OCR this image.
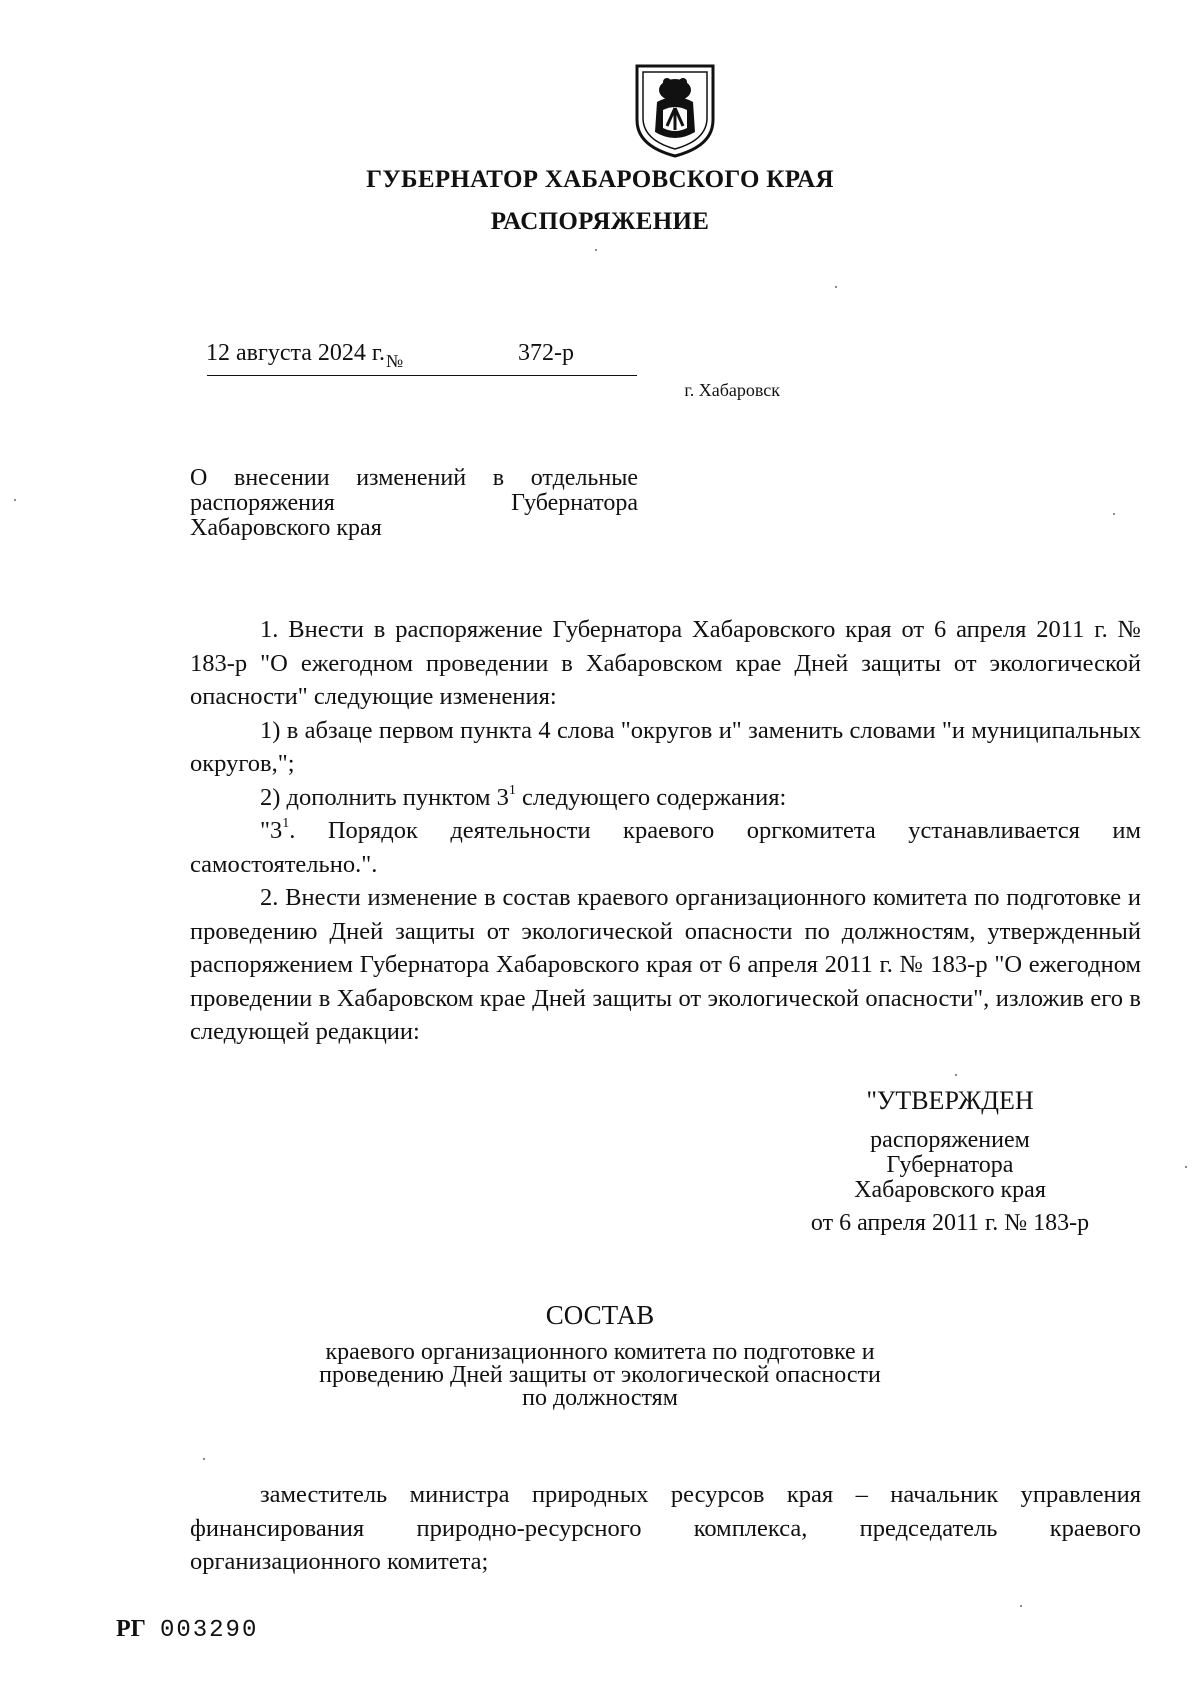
ГУБЕРНАТОР ХАБАРОВСКОГО КРАЯ
РАСПОРЯЖЕНИЕ
12 августа 2024 г. №	372-р
г. Хабаровск
О внесении изменений в отдельные
распоряжения	Губернатора
Хабаровского края

1. Внести в распоряжение Губернатора Хабаровского края от 6 апреля 2011 г. № 183-р "О ежегодном проведении в Хабаровском крае Дней защиты от экологической опасности" следующие изменения:

1) в абзаце первом пункта 4 слова "округов и" заменить словами "и муниципальных округов,";

2) дополнить пунктом $3^1$ следующего содержания:

"$3^1$. Порядок деятельности краевого оргкомитета устанавливается им самостоятельно.".

2. Внести изменение в состав краевого организационного комитета по подготовке и проведению Дней защиты от экологической опасности по должностям, утвержденный распоряжением Губернатора Хабаровского края от 6 апреля 2011 г. № 183-р "О ежегодном проведении в Хабаровском крае Дней защиты от экологической опасности", изложив его в следующей редакции:

"УТВЕРЖДЕН
распоряжением
Губернатора
Хабаровского края
от 6 апреля 2011 г. № 183-р
СОСТАВ
краевого организационного комитета по подготовке и
проведению Дней защиты от экологической опасности
по должностям

заместитель министра природных ресурсов края – начальник управления финансирования природно-ресурсного комплекса, председатель краевого организационного комитета;

РГ 003290
